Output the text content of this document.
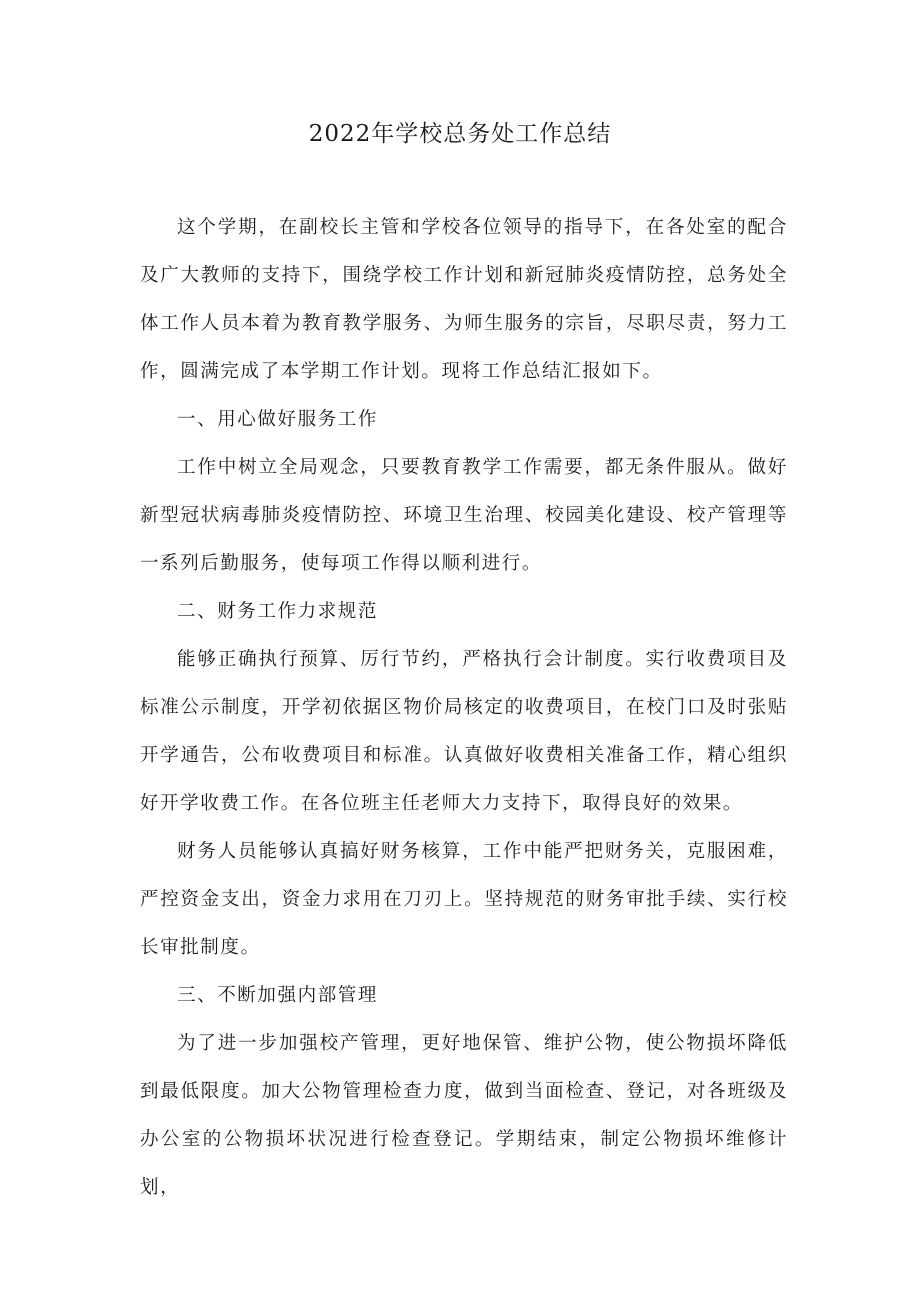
2022年学校总务处工作总结

这个学期，在副校长主管和学校各位领导的指导下，在各处室的配合及广大教师的支持下，围绕学校工作计划和新冠肺炎疫情防控，总务处全体工作人员本着为教育教学服务、为师生服务的宗旨，尽职尽责，努力工作，圆满完成了本学期工作计划。现将工作总结汇报如下。

一、用心做好服务工作

工作中树立全局观念，只要教育教学工作需要，都无条件服从。做好新型冠状病毒肺炎疫情防控、环境卫生治理、校园美化建设、校产管理等一系列后勤服务，使每项工作得以顺利进行。

二、财务工作力求规范

能够正确执行预算、厉行节约，严格执行会计制度。实行收费项目及标准公示制度，开学初依据区物价局核定的收费项目，在校门口及时张贴开学通告，公布收费项目和标准。认真做好收费相关准备工作，精心组织好开学收费工作。在各位班主任老师大力支持下，取得良好的效果。

财务人员能够认真搞好财务核算，工作中能严把财务关，克服困难，严控资金支出，资金力求用在刀刃上。坚持规范的财务审批手续、实行校长审批制度。

三、不断加强内部管理

为了进一步加强校产管理，更好地保管、维护公物，使公物损坏降低到最低限度。加大公物管理检查力度，做到当面检查、登记，对各班级及办公室的公物损坏状况进行检查登记。学期结束，制定公物损坏维修计划，
